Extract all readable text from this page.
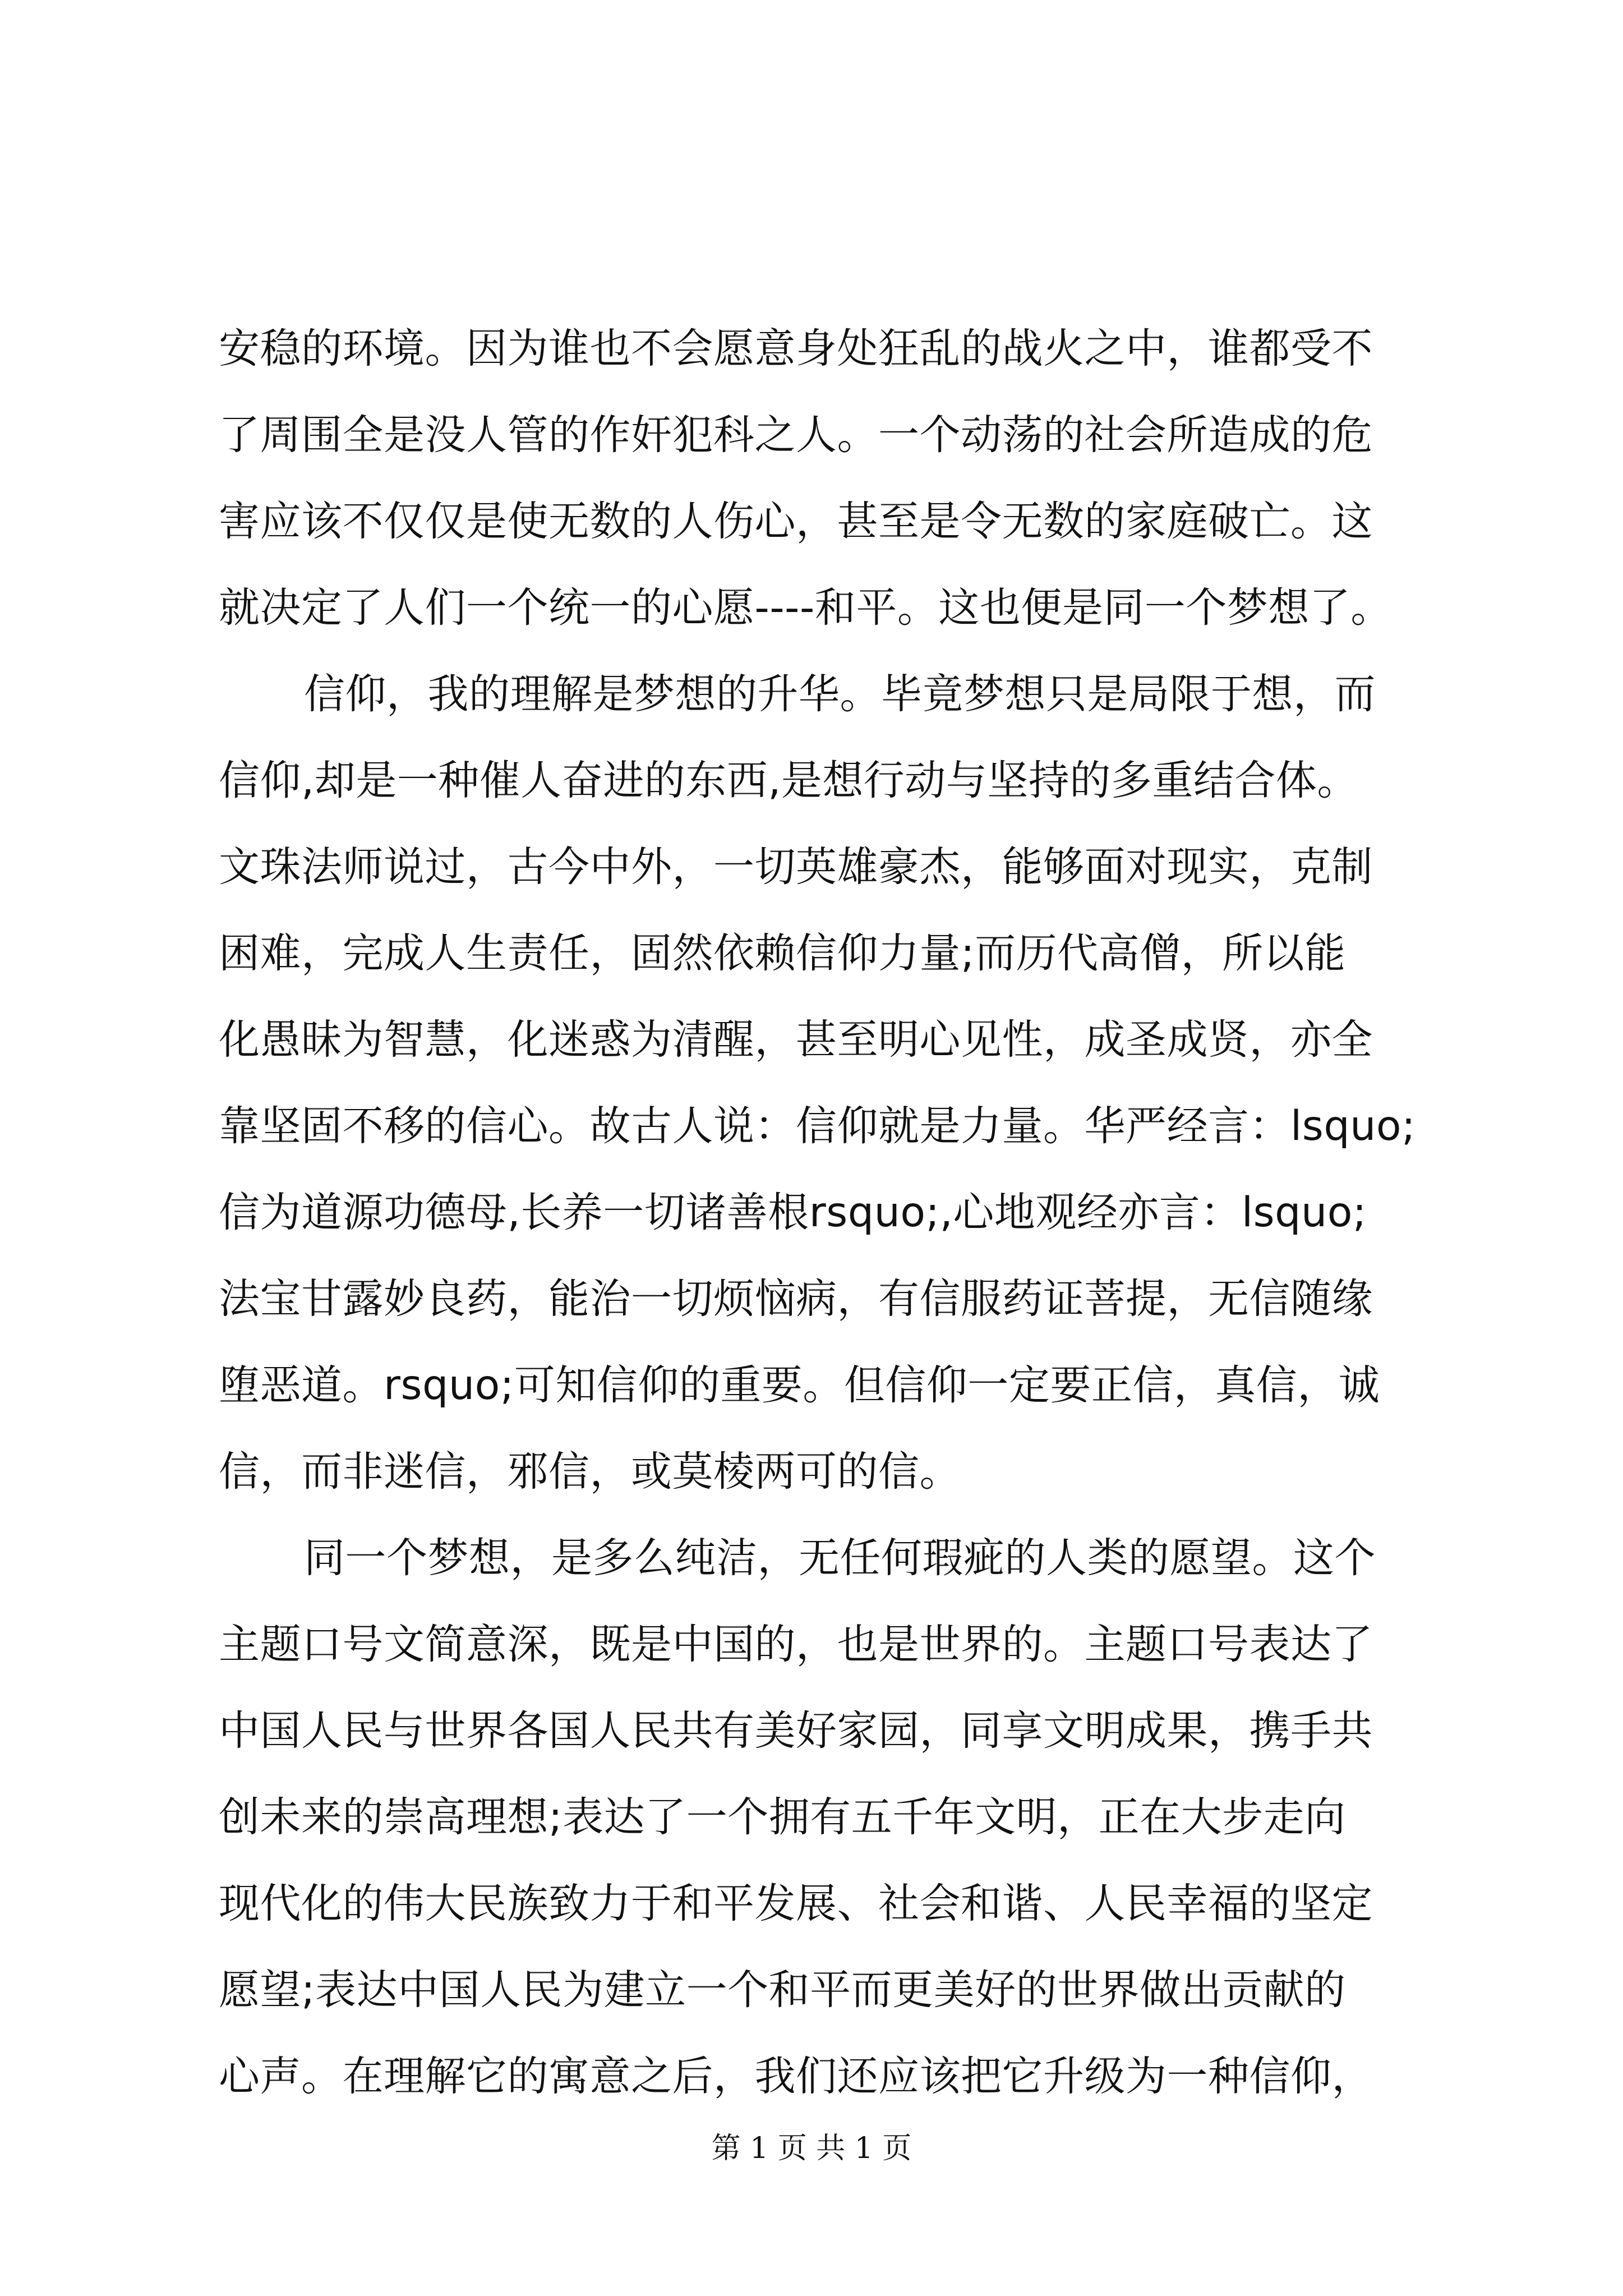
安稳的环境。因为谁也不会愿意身处狂乱的战火之中，谁都受不
了周围全是没人管的作奸犯科之人。一个动荡的社会所造成的危
害应该不仅仅是使无数的人伤心，甚至是令无数的家庭破亡。这
就决定了人们一个统一的心愿----和平。这也便是同一个梦想了。
信仰，我的理解是梦想的升华。毕竟梦想只是局限于想，而
信仰,却是一种催人奋进的东西,是想行动与坚持的多重结合体。
文珠法师说过，古今中外，一切英雄豪杰，能够面对现实，克制
困难，完成人生责任，固然依赖信仰力量;而历代高僧，所以能
化愚昧为智慧，化迷惑为清醒，甚至明心见性，成圣成贤，亦全
靠坚固不移的信心。故古人说：信仰就是力量。华严经言：lsquo;
信为道源功德母,长养一切诸善根rsquo;,心地观经亦言：lsquo;
法宝甘露妙良药，能治一切烦恼病，有信服药证菩提，无信随缘
堕恶道。rsquo;可知信仰的重要。但信仰一定要正信，真信，诚
信，而非迷信，邪信，或莫棱两可的信。
同一个梦想，是多么纯洁，无任何瑕疵的人类的愿望。这个
主题口号文简意深，既是中国的，也是世界的。主题口号表达了
中国人民与世界各国人民共有美好家园，同享文明成果，携手共
创未来的崇高理想;表达了一个拥有五千年文明，正在大步走向
现代化的伟大民族致力于和平发展、社会和谐、人民幸福的坚定
愿望;表达中国人民为建立一个和平而更美好的世界做出贡献的
心声。在理解它的寓意之后，我们还应该把它升级为一种信仰，
第 1 页 共 1 页
